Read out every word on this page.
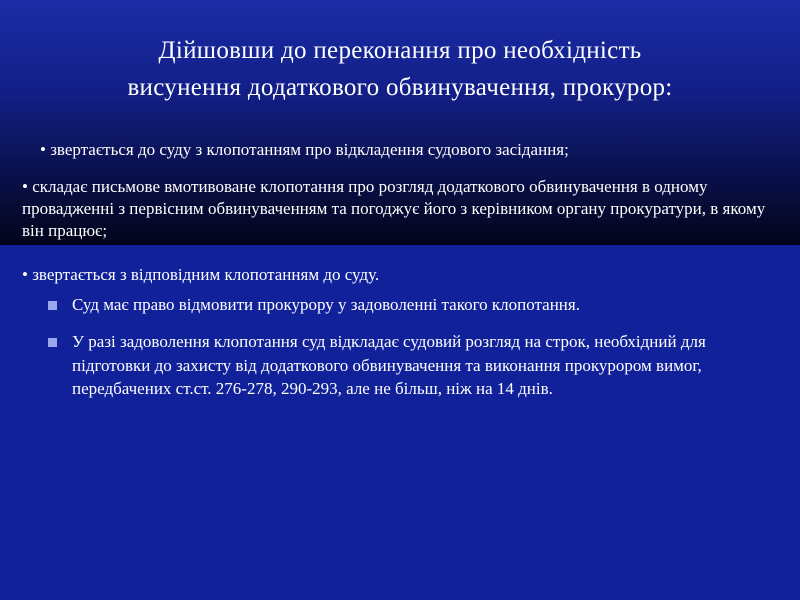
Дійшовши до переконання про необхідність
висунення додаткового обвинувачення, прокурор:
• звертається до суду з клопотанням про відкладення судового засідання;
• складає письмове вмотивоване клопотання про розгляд додаткового обвинувачення в одному провадженні з первісним обвинуваченням та погоджує його з керівником органу прокуратури, в якому він працює;
• звертається з відповідним клопотанням до суду.
Суд має право відмовити прокурору у задоволенні такого клопотання.
У разі задоволення клопотання суд відкладає судовий розгляд на строк, необхідний для підготовки до захисту від додаткового обвинувачення та виконання прокурором вимог, передбачених ст.ст. 276-278, 290-293, але не більш, ніж на 14 днів.
